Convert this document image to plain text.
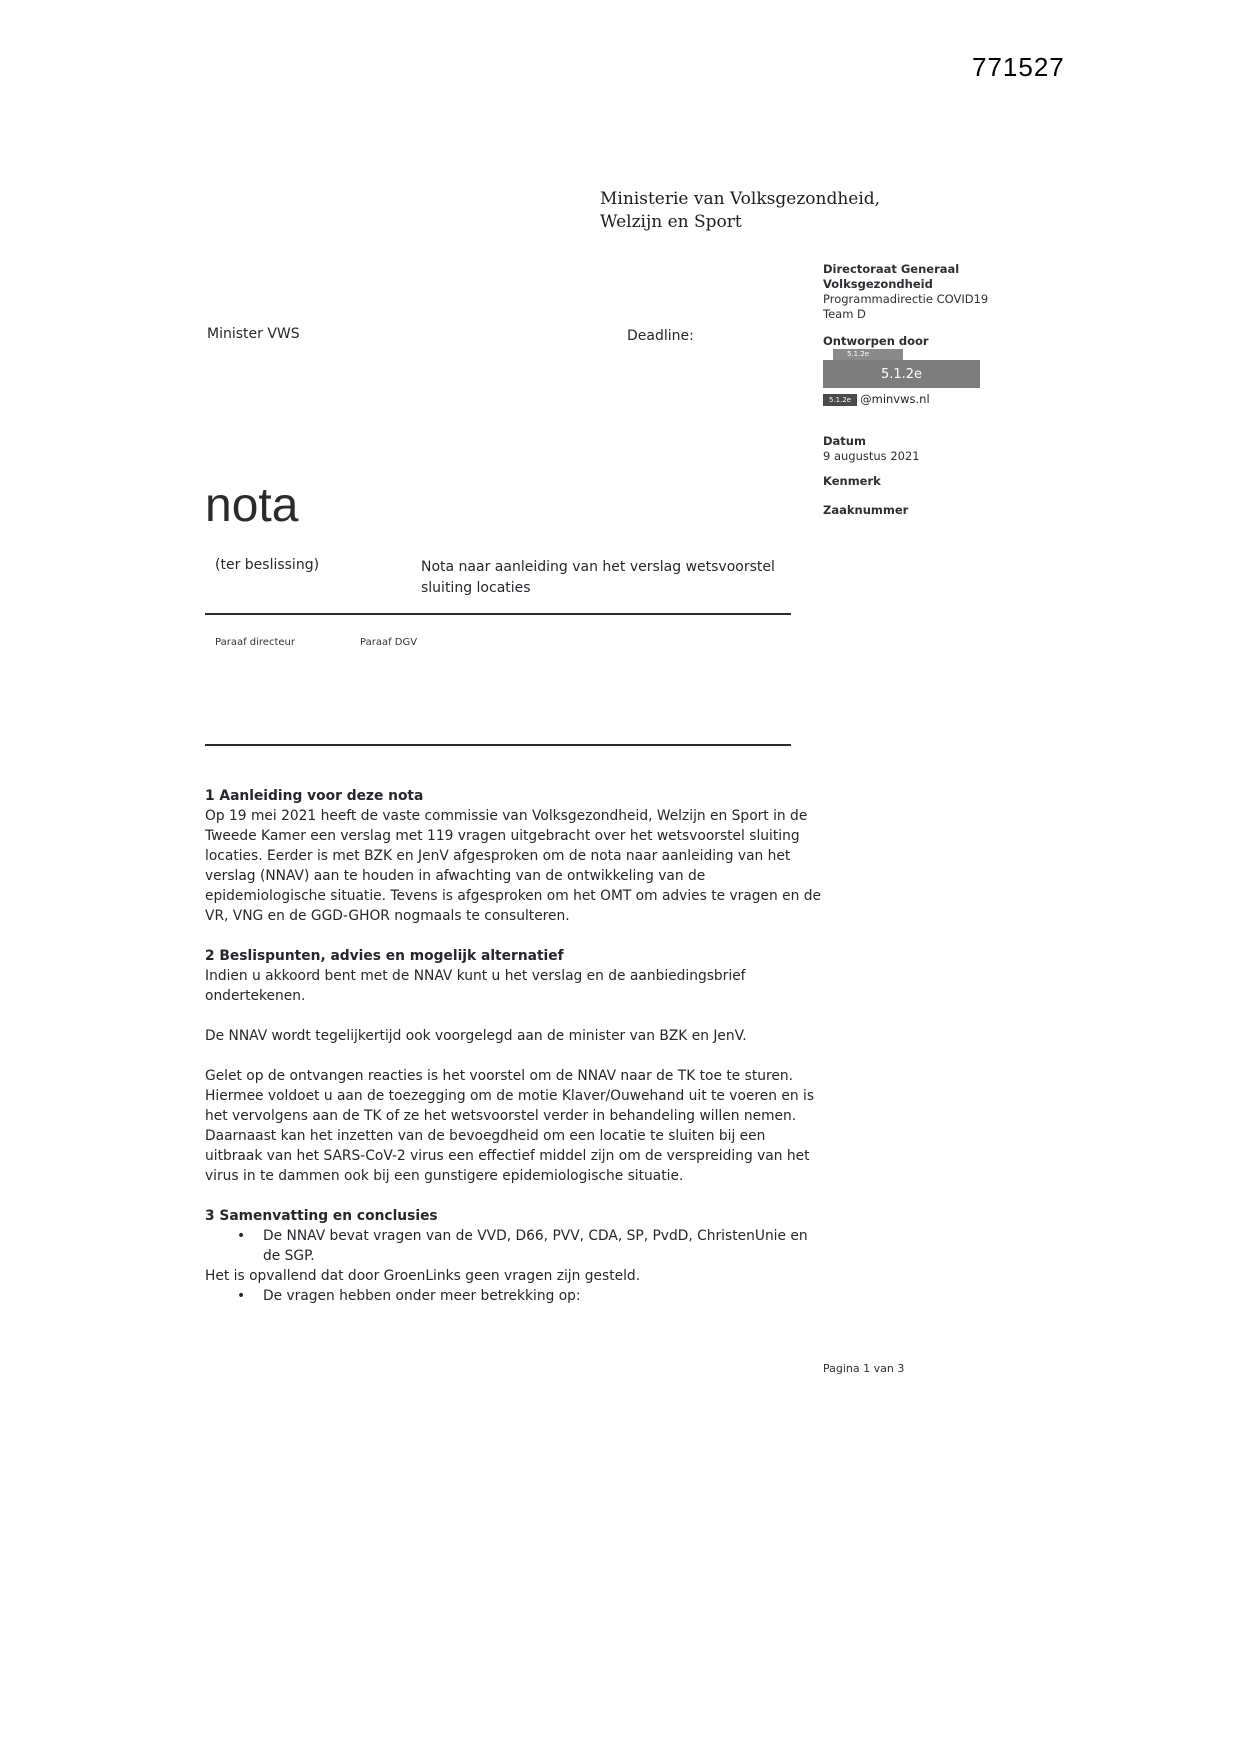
771527
Ministerie van Volksgezondheid,
Welzijn en Sport
Minister VWS	Deadline:
Directoraat Generaal
Volksgezondheid
Programmadirectie COVID19
Team D
Ontworpen door
5.1.2e
5.1.2e
5.1.2e @minvws.nl
Datum
9 augustus 2021
Kenmerk
Zaaknummer
nota
(ter beslissing)	Nota naar aanleiding van het verslag wetsvoorstel sluiting locaties
Paraaf directeur	Paraaf DGV
1 Aanleiding voor deze nota

Op 19 mei 2021 heeft de vaste commissie van Volksgezondheid, Welzijn en Sport in de Tweede Kamer een verslag met 119 vragen uitgebracht over het wetsvoorstel sluiting locaties. Eerder is met BZK en JenV afgesproken om de nota naar aanleiding van het verslag (NNAV) aan te houden in afwachting van de ontwikkeling van de epidemiologische situatie. Tevens is afgesproken om het OMT om advies te vragen en de VR, VNG en de GGD-GHOR nogmaals te consulteren.

2 Beslispunten, advies en mogelijk alternatief

Indien u akkoord bent met de NNAV kunt u het verslag en de aanbiedingsbrief ondertekenen.

De NNAV wordt tegelijkertijd ook voorgelegd aan de minister van BZK en JenV.

Gelet op de ontvangen reacties is het voorstel om de NNAV naar de TK toe te sturen. Hiermee voldoet u aan de toezegging om de motie Klaver/Ouwehand uit te voeren en is het vervolgens aan de TK of ze het wetsvoorstel verder in behandeling willen nemen. Daarnaast kan het inzetten van de bevoegdheid om een locatie te sluiten bij een uitbraak van het SARS-CoV-2 virus een effectief middel zijn om de verspreiding van het virus in te dammen ook bij een gunstigere epidemiologische situatie.

3 Samenvatting en conclusies
• De NNAV bevat vragen van de VVD, D66, PVV, CDA, SP, PvdD, ChristenUnie en de SGP.
Het is opvallend dat door GroenLinks geen vragen zijn gesteld.
• De vragen hebben onder meer betrekking op:
Pagina 1 van 3
